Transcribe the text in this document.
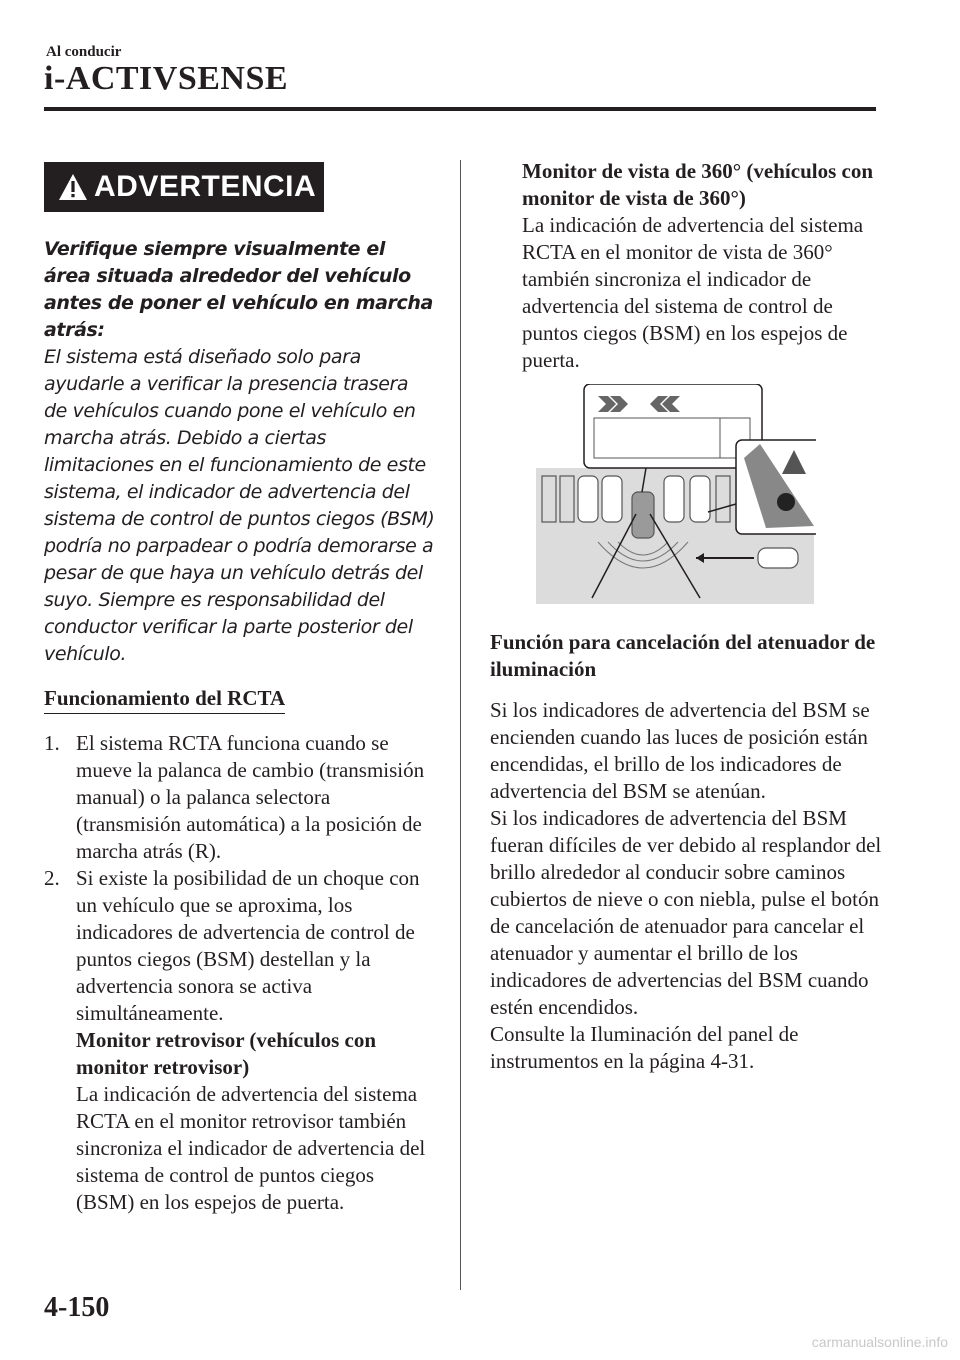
Al conducir
i-ACTIVSENSE
ADVERTENCIA
Verifique siempre visualmente el área situada alrededor del vehículo antes de poner el vehículo en marcha atrás:
El sistema está diseñado solo para ayudarle a verificar la presencia trasera de vehículos cuando pone el vehículo en marcha atrás. Debido a ciertas limitaciones en el funcionamiento de este sistema, el indicador de advertencia del sistema de control de puntos ciegos (BSM) podría no parpadear o podría demorarse a pesar de que haya un vehículo detrás del suyo. Siempre es responsabilidad del conductor verificar la parte posterior del vehículo.
Funcionamiento del RCTA
1. El sistema RCTA funciona cuando se mueve la palanca de cambio (transmisión manual) o la palanca selectora (transmisión automática) a la posición de marcha atrás (R).
2. Si existe la posibilidad de un choque con un vehículo que se aproxima, los indicadores de advertencia de control de puntos ciegos (BSM) destellan y la advertencia sonora se activa simultáneamente.
Monitor retrovisor (vehículos con monitor retrovisor)
La indicación de advertencia del sistema RCTA en el monitor retrovisor también sincroniza el indicador de advertencia del sistema de control de puntos ciegos (BSM) en los espejos de puerta.
Monitor de vista de 360° (vehículos con monitor de vista de 360°)
La indicación de advertencia del sistema RCTA en el monitor de vista de 360° también sincroniza el indicador de advertencia del sistema de control de puntos ciegos (BSM) en los espejos de puerta.
Función para cancelación del atenuador de iluminación
Si los indicadores de advertencia del BSM se encienden cuando las luces de posición están encendidas, el brillo de los indicadores de advertencia del BSM se atenúan.
Si los indicadores de advertencia del BSM fueran difíciles de ver debido al resplandor del brillo alrededor al conducir sobre caminos cubiertos de nieve o con niebla, pulse el botón de cancelación de atenuador para cancelar el atenuador y aumentar el brillo de los indicadores de advertencias del BSM cuando estén encendidos.
Consulte la Iluminación del panel de instrumentos en la página 4-31.
4-150
carmanualsonline.info
